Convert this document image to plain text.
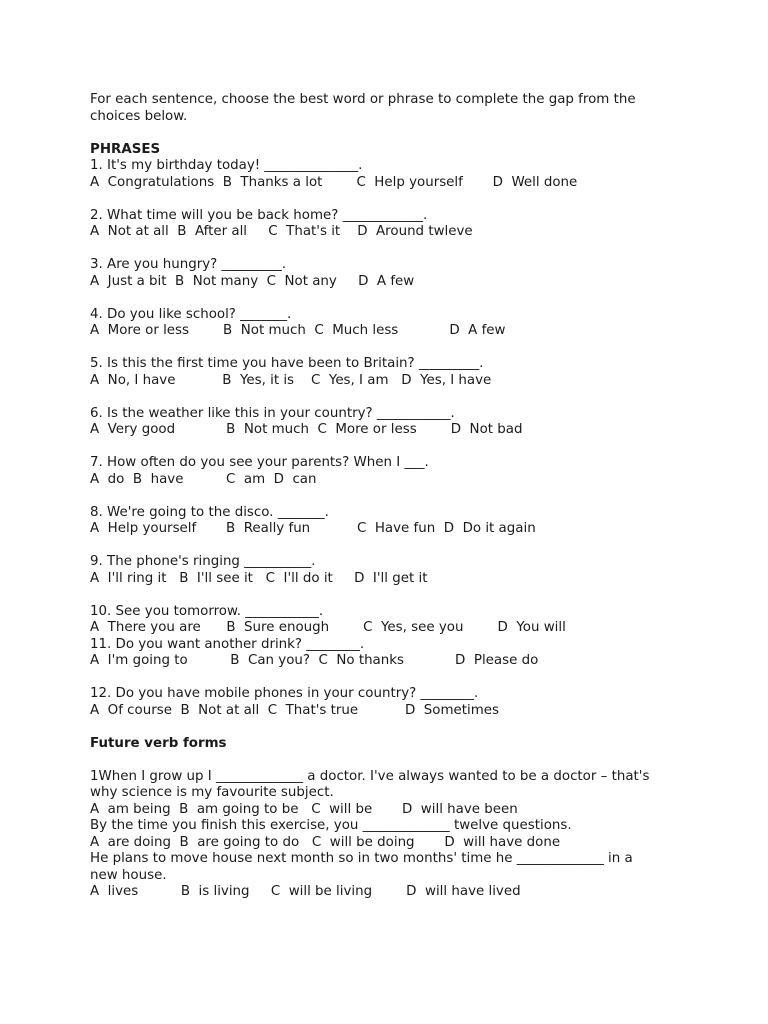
For each sentence, choose the best word or phrase to complete the gap from the
choices below.
PHRASES
1. It's my birthday today! ______________.
A  Congratulations  B  Thanks a lot        C  Help yourself       D  Well done
2. What time will you be back home? ____________.
A  Not at all  B  After all     C  That's it    D  Around twleve
3. Are you hungry? _________.
A  Just a bit  B  Not many  C  Not any     D  A few
4. Do you like school? _______.
A  More or less        B  Not much  C  Much less            D  A few
5. Is this the first time you have been to Britain? _________.
A  No, I have           B  Yes, it is    C  Yes, I am   D  Yes, I have
6. Is the weather like this in your country? ___________.
A  Very good            B  Not much  C  More or less        D  Not bad
7. How often do you see your parents? When I ___.
A  do  B  have          C  am  D  can
8. We're going to the disco. _______.
A  Help yourself       B  Really fun           C  Have fun  D  Do it again
9. The phone's ringing __________.
A  I'll ring it   B  I'll see it   C  I'll do it     D  I'll get it
10. See you tomorrow. ___________.
A  There you are      B  Sure enough        C  Yes, see you        D  You will
11. Do you want another drink? ________.
A  I'm going to          B  Can you?  C  No thanks            D  Please do
12. Do you have mobile phones in your country? ________.
A  Of course  B  Not at all  C  That's true           D  Sometimes
Future verb forms
1When I grow up I _____________ a doctor. I've always wanted to be a doctor – that's
why science is my favourite subject.
A  am being  B  am going to be   C  will be       D  will have been
By the time you finish this exercise, you _____________ twelve questions.
A  are doing  B  are going to do   C  will be doing       D  will have done
He plans to move house next month so in two months' time he _____________ in a
new house.
A  lives          B  is living     C  will be living        D  will have lived
